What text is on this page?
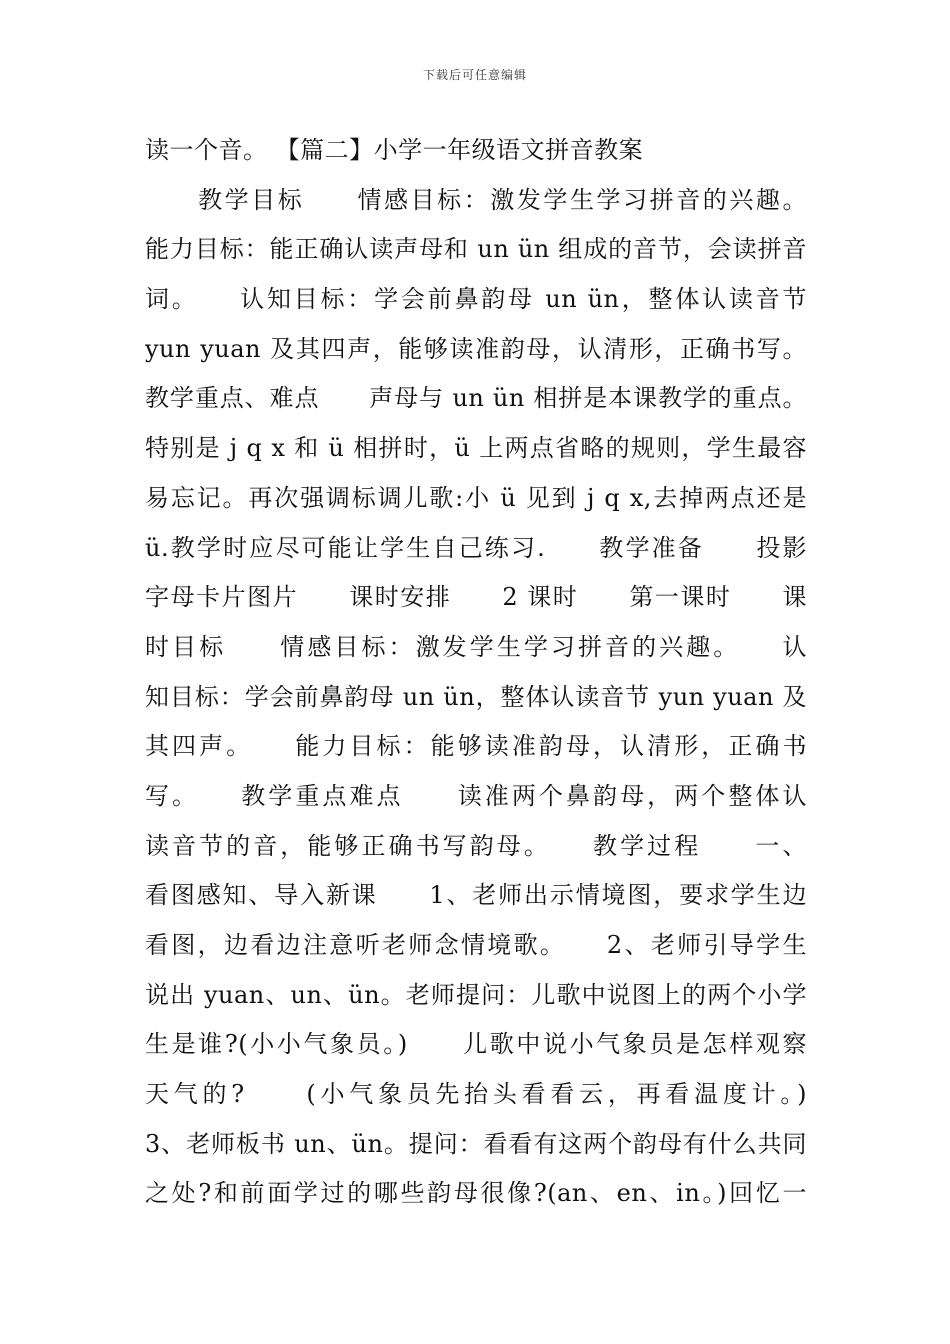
下载后可任意编辑
读一个音。 【篇二】小学一年级语文拼音教案
　　教学目标　　情感目标：激发学生学习拼音的兴趣。
能力目标：能正确认读声母和 un ün 组成的音节，会读拼音
词。　　认知目标：学会前鼻韵母 un ün，整体认读音节
yun yuan 及其四声，能够读准韵母，认清形，正确书写。
教学重点、难点　　声母与 un ün 相拼是本课教学的重点。
特别是 j q x 和 ü 相拼时，ü 上两点省略的规则，学生最容
易忘记。再次强调标调儿歌:小 ü 见到 j q x,去掉两点还是
ü.教学时应尽可能让学生自己练习.　　教学准备　　投影
字母卡片图片　　课时安排　　2 课时　　第一课时　　课
时目标　　情感目标：激发学生学习拼音的兴趣。　　认
知目标：学会前鼻韵母 un ün，整体认读音节 yun yuan 及
其四声。　　能力目标：能够读准韵母，认清形，正确书
写。　　教学重点难点　　读准两个鼻韵母，两个整体认
读音节的音，能够正确书写韵母。　　教学过程　　一、
看图感知、导入新课　　1、老师出示情境图，要求学生边
看图，边看边注意听老师念情境歌。　　2、老师引导学生
说出 yuan、un、ün。老师提问：儿歌中说图上的两个小学
生是谁?(小小气象员。)　　儿歌中说小气象员是怎样观察
天气的?　　(小气象员先抬头看看云，再看温度计。)
3、老师板书 un、ün。提问：看看有这两个韵母有什么共同
之处?和前面学过的哪些韵母很像?(an、en、in。)回忆一
